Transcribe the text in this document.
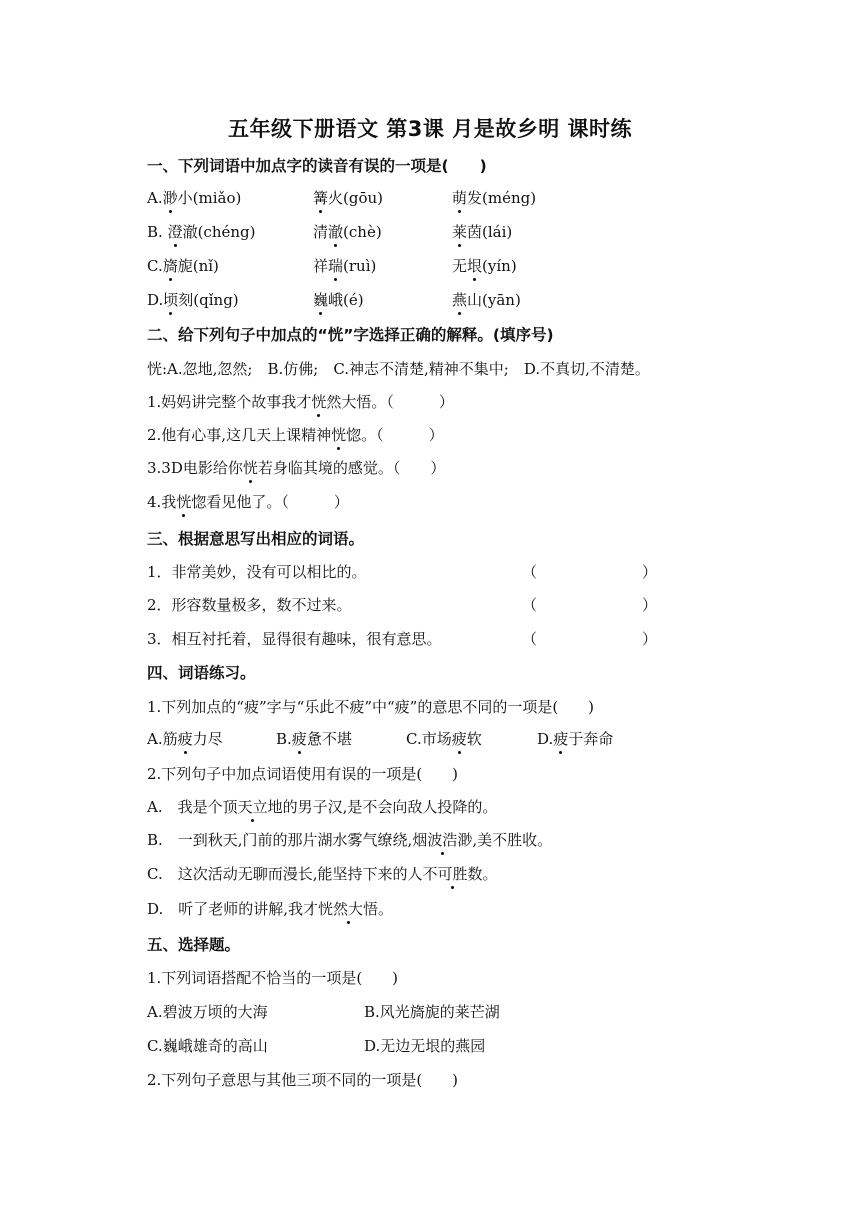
五年级下册语文 第3课 月是故乡明 课时练
一、下列词语中加点字的读音有误的一项是(　　)
A.渺小(miǎo)	篝火(gōu)	萌发(méng)
B. 澄澈(chéng)	清澈(chè)	莱茵(lái)
C.旖旎(nǐ)	祥瑞(ruì)	无垠(yín)
D.顷刻(qǐng)	巍峨(é)	燕山(yān)
二、给下列句子中加点的“恍”字选择正确的解释。(填序号)
恍:A.忽地,忽然;　B.仿佛;　C.神志不清楚,精神不集中;　D.不真切,不清楚。
1.妈妈讲完整个故事我才恍然大悟。（　　　）
2.他有心事,这几天上课精神恍惚。（　　　）
3.3D电影给你恍若身临其境的感觉。（　　）
4.我恍惚看见他了。（　　　）
三、根据意思写出相应的词语。
1．非常美妙，没有可以相比的。	（　　　　　　　）
2．形容数量极多，数不过来。	（　　　　　　　）
3．相互衬托着，显得很有趣味，很有意思。	（　　　　　　　）
四、词语练习。
1.下列加点的“疲”字与“乐此不疲”中“疲”的意思不同的一项是(　　)
A.筋疲力尽	B.疲惫不堪	C.市场疲软	D.疲于奔命
2.下列句子中加点词语使用有误的一项是(　　)
A.　我是个顶天立地的男子汉,是不会向敌人投降的。
B.　一到秋天,门前的那片湖水雾气缭绕,烟波浩渺,美不胜收。
C.　这次活动无聊而漫长,能坚持下来的人不可胜数。
D.　听了老师的讲解,我才恍然大悟。
五、选择题。
1.下列词语搭配不恰当的一项是(　　)
A.碧波万顷的大海	B.风光旖旎的莱芒湖
C.巍峨雄奇的高山	D.无边无垠的燕园
2.下列句子意思与其他三项不同的一项是(　　)
